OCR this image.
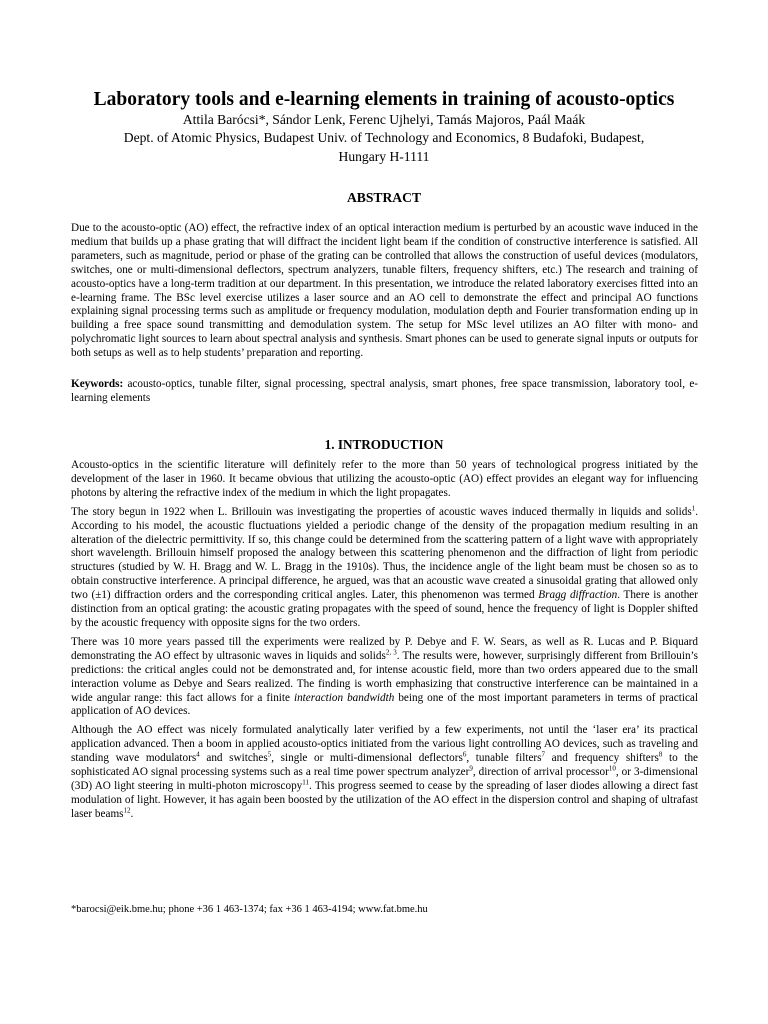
Laboratory tools and e-learning elements in training of acousto-optics
Attila Barócsi*, Sándor Lenk, Ferenc Ujhelyi, Tamás Majoros, Paál Maák
Dept. of Atomic Physics, Budapest Univ. of Technology and Economics, 8 Budafoki, Budapest,
Hungary H-1111
ABSTRACT
Due to the acousto-optic (AO) effect, the refractive index of an optical interaction medium is perturbed by an acoustic wave induced in the medium that builds up a phase grating that will diffract the incident light beam if the condition of constructive interference is satisfied. All parameters, such as magnitude, period or phase of the grating can be controlled that allows the construction of useful devices (modulators, switches, one or multi-dimensional deflectors, spectrum analyzers, tunable filters, frequency shifters, etc.) The research and training of acousto-optics have a long-term tradition at our department. In this presentation, we introduce the related laboratory exercises fitted into an e-learning frame. The BSc level exercise utilizes a laser source and an AO cell to demonstrate the effect and principal AO functions explaining signal processing terms such as amplitude or frequency modulation, modulation depth and Fourier transformation ending up in building a free space sound transmitting and demodulation system. The setup for MSc level utilizes an AO filter with mono- and polychromatic light sources to learn about spectral analysis and synthesis. Smart phones can be used to generate signal inputs or outputs for both setups as well as to help students’ preparation and reporting.
Keywords: acousto-optics, tunable filter, signal processing, spectral analysis, smart phones, free space transmission, laboratory tool, e-learning elements
1. INTRODUCTION

Acousto-optics in the scientific literature will definitely refer to the more than 50 years of technological progress initiated by the development of the laser in 1960. It became obvious that utilizing the acousto-optic (AO) effect provides an elegant way for influencing photons by altering the refractive index of the medium in which the light propagates.

The story begun in 1922 when L. Brillouin was investigating the properties of acoustic waves induced thermally in liquids and solids$^1$. According to his model, the acoustic fluctuations yielded a periodic change of the density of the propagation medium resulting in an alteration of the dielectric permittivity. If so, this change could be determined from the scattering pattern of a light wave with appropriately short wavelength. Brillouin himself proposed the analogy between this scattering phenomenon and the diffraction of light from periodic structures (studied by W. H. Bragg and W. L. Bragg in the 1910s). Thus, the incidence angle of the light beam must be chosen so as to obtain constructive interference. A principal difference, he argued, was that an acoustic wave created a sinusoidal grating that allowed only two (±1) diffraction orders and the corresponding critical angles. Later, this phenomenon was termed Bragg diffraction. There is another distinction from an optical grating: the acoustic grating propagates with the speed of sound, hence the frequency of light is Doppler shifted by the acoustic frequency with opposite signs for the two orders.

There was 10 more years passed till the experiments were realized by P. Debye and F. W. Sears, as well as R. Lucas and P. Biquard demonstrating the AO effect by ultrasonic waves in liquids and solids$^{2, 3}$. The results were, however, surprisingly different from Brillouin’s predictions: the critical angles could not be demonstrated and, for intense acoustic field, more than two orders appeared due to the small interaction volume as Debye and Sears realized. The finding is worth emphasizing that constructive interference can be maintained in a wide angular range: this fact allows for a finite interaction bandwidth being one of the most important parameters in terms of practical application of AO devices.

Although the AO effect was nicely formulated analytically later verified by a few experiments, not until the ‘laser era’ its practical application advanced. Then a boom in applied acousto-optics initiated from the various light controlling AO devices, such as traveling and standing wave modulators$^4$ and switches$^5$, single or multi-dimensional deflectors$^6$, tunable filters$^7$ and frequency shifters$^8$ to the sophisticated AO signal processing systems such as a real time power spectrum analyzer$^9$, direction of arrival processor$^{10}$, or 3-dimensional (3D) AO light steering in multi-photon microscopy$^{11}$. This progress seemed to cease by the spreading of laser diodes allowing a direct fast modulation of light. However, it has again been boosted by the utilization of the AO effect in the dispersion control and shaping of ultrafast laser beams$^{12}$.

*barocsi@eik.bme.hu; phone +36 1 463-1374; fax +36 1 463-4194; www.fat.bme.hu
